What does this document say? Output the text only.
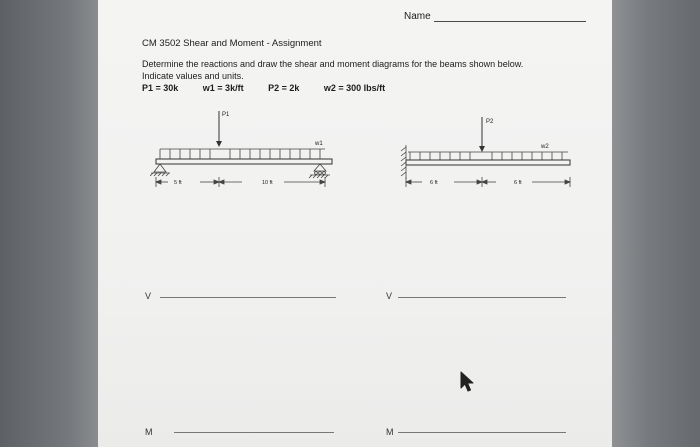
Name
CM 3502 Shear and Moment - Assignment
Determine the reactions and draw the shear and moment diagrams for the beams shown below.
Indicate values and units.
P1 = 30k	w1 = 3k/ft	P2 = 2k	w2 = 300 lbs/ft
P1
w1
5 ft	10 ft
P2
w2
6 ft	6 ft
V	V
M	M
